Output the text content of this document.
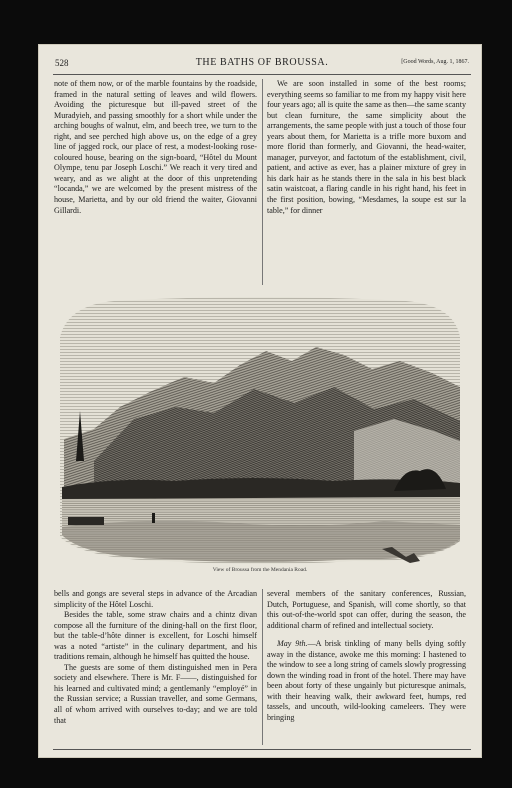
528	THE BATHS OF BROUSSA.	[Good Words, Aug. 1, 1867.

note of them now, or of the marble fountains by the roadside, framed in the natural setting of leaves and wild flowers. Avoiding the picturesque but ill-paved street of the Muradyieh, and passing smoothly for a short while under the arching boughs of walnut, elm, and beech tree, we turn to the right, and see perched high above us, on the edge of a grey line of jagged rock, our place of rest, a modest-looking rose-coloured house, bearing on the sign-board, “Hôtel du Mount Olympe, tenu par Joseph Loschi.” We reach it very tired and weary, and as we alight at the door of this unpretending “locanda,” we are welcomed by the present mistress of the house, Marietta, and by our old friend the waiter, Giovanni Gillardi.

We are soon installed in some of the best rooms; everything seems so familiar to me from my happy visit here four years ago; all is quite the same as then—the same scanty but clean furniture, the same simplicity about the arrangements, the same people with just a touch of those four years about them, for Marietta is a trifle more buxom and more florid than formerly, and Giovanni, the head-waiter, manager, purveyor, and factotum of the establishment, civil, patient, and active as ever, has a plainer mixture of grey in his dark hair as he stands there in the sala in his best black satin waistcoat, a flaring candle in his right hand, his feet in the first position, bowing, “Mesdames, la soupe est sur la table,” for dinner

View of Broussa from the Mendania Road.

bells and gongs are several steps in advance of the Arcadian simplicity of the Hôtel Loschi.

Besides the table, some straw chairs and a chintz divan compose all the furniture of the dining-hall on the first floor, but the table-d’hôte dinner is excellent, for Loschi himself was a noted “artiste” in the culinary department, and his traditions remain, although he himself has quitted the house.

The guests are some of them distinguished men in Pera society and elsewhere. There is Mr. F——, distinguished for his learned and cultivated mind; a gentlemanly “employé” in the Russian service; a Russian traveller, and some Germans, all of whom arrived with ourselves to-day; and we are told that

several members of the sanitary conferences, Russian, Dutch, Portuguese, and Spanish, will come shortly, so that this out-of-the-world spot can offer, during the season, the additional charm of refined and intellectual society.

May 9th.—A brisk tinkling of many bells dying softly away in the distance, awoke me this morning: I hastened to the window to see a long string of camels slowly progressing down the winding road in front of the hotel. There may have been about forty of these ungainly but picturesque animals, with their heaving walk, their awkward feet, humps, red tassels, and uncouth, wild-looking cameleers. They were bringing
